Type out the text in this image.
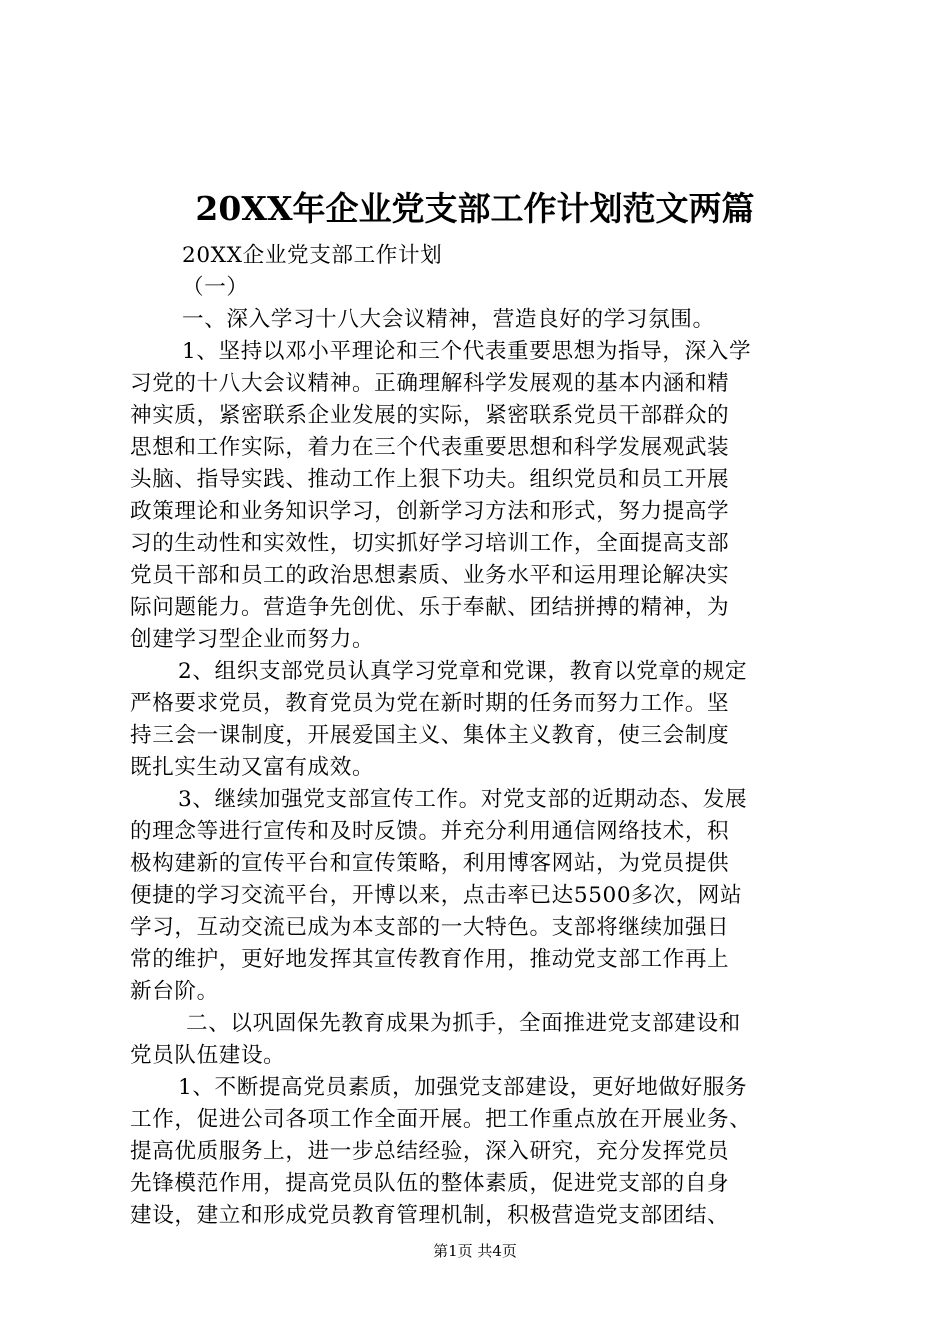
20XX年企业党支部工作计划范文两篇
20XX企业党支部工作计划
（一）
一、深入学习十八大会议精神，营造良好的学习氛围。
1、坚持以邓小平理论和三个代表重要思想为指导，深入学
习党的十八大会议精神。正确理解科学发展观的基本内涵和精
神实质，紧密联系企业发展的实际，紧密联系党员干部群众的
思想和工作实际，着力在三个代表重要思想和科学发展观武装
头脑、指导实践、推动工作上狠下功夫。组织党员和员工开展
政策理论和业务知识学习，创新学习方法和形式，努力提高学
习的生动性和实效性，切实抓好学习培训工作，全面提高支部
党员干部和员工的政治思想素质、业务水平和运用理论解决实
际问题能力。营造争先创优、乐于奉献、团结拼搏的精神，为
创建学习型企业而努力。
2、组织支部党员认真学习党章和党课，教育以党章的规定
严格要求党员，教育党员为党在新时期的任务而努力工作。坚
持三会一课制度，开展爱国主义、集体主义教育，使三会制度
既扎实生动又富有成效。
3、继续加强党支部宣传工作。对党支部的近期动态、发展
的理念等进行宣传和及时反馈。并充分利用通信网络技术，积
极构建新的宣传平台和宣传策略，利用博客网站，为党员提供
便捷的学习交流平台，开博以来，点击率已达5500多次，网站
学习，互动交流已成为本支部的一大特色。支部将继续加强日
常的维护，更好地发挥其宣传教育作用，推动党支部工作再上
新台阶。
二、以巩固保先教育成果为抓手，全面推进党支部建设和
党员队伍建设。
1、不断提高党员素质，加强党支部建设，更好地做好服务
工作，促进公司各项工作全面开展。把工作重点放在开展业务、
提高优质服务上，进一步总结经验，深入研究，充分发挥党员
先锋模范作用，提高党员队伍的整体素质，促进党支部的自身
建设，建立和形成党员教育管理机制，积极营造党支部团结、
第1页 共4页
